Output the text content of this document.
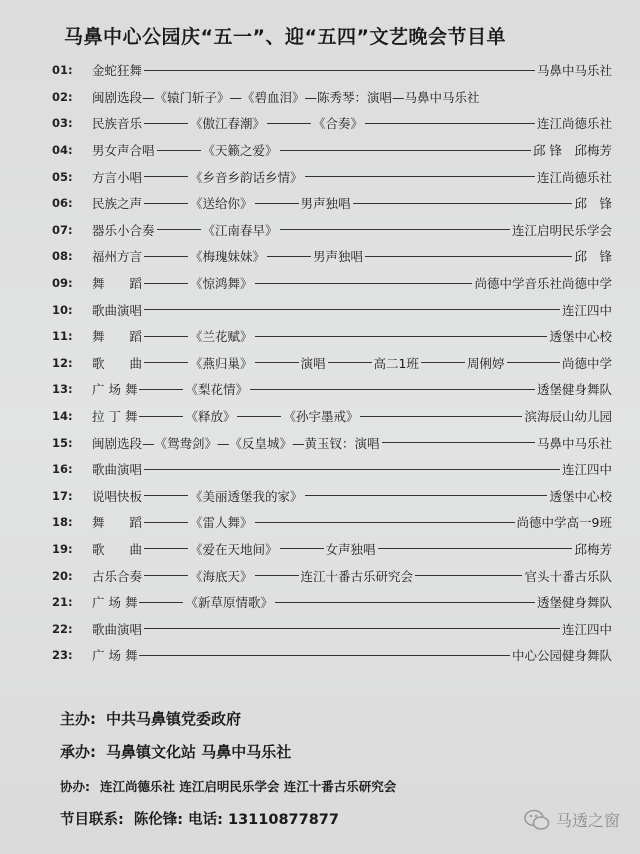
马鼻中心公园庆“五一”、迎“五四”文艺晚会节目单
01:	金蛇狂舞	马鼻中马乐社
02:	闽剧选段—《辕门斩子》—《碧血泪》—陈秀琴：演唱—马鼻中马乐社
03:	民族音乐	《傲江春潮》	《合奏》	连江尚德乐社
04:	男女声合唱	《天籁之爱》	邱 锋　邱梅芳
05:	方言小唱	《乡音乡韵话乡情》	连江尚德乐社
06:	民族之声	《送给你》	男声独唱	邱　锋
07:	器乐小合奏	《江南春早》	连江启明民乐学会
08:	福州方言	《梅瑰妹妹》	男声独唱	邱　锋
09:	舞　　蹈	《惊鸿舞》	尚德中学音乐社尚德中学
10:	歌曲演唱	连江四中
11:	舞　　蹈	《兰花赋》	透堡中心校
12:	歌　　曲	《燕归巢》	演唱	高二1班	周俐婷	尚德中学
13:	广 场 舞	《梨花情》	透堡健身舞队
14:	拉 丁 舞	《释放》	《孙宇墨戒》	滨海辰山幼儿园
15:	闽剧选段—《鸳鸯剑》—《反皇城》—黄玉钗：演唱	马鼻中马乐社
16:	歌曲演唱	连江四中
17:	说唱快板	《美丽透堡我的家》	透堡中心校
18:	舞　　蹈	《雷人舞》	尚德中学高一9班
19:	歌　　曲	《爱在天地间》	女声独唱	邱梅芳
20:	古乐合奏	《海底天》	连江十番古乐研究会	官头十番古乐队
21:	广 场 舞	《新草原情歌》	透堡健身舞队
22:	歌曲演唱	连江四中
23:	广 场 舞	中心公园健身舞队
主办: 中共马鼻镇党委政府
承办: 马鼻镇文化站 马鼻中马乐社
协办: 连江尚德乐社 连江启明民乐学会 连江十番古乐研究会
节目联系: 陈伦锋: 电话: 13110877877	马透之窗
